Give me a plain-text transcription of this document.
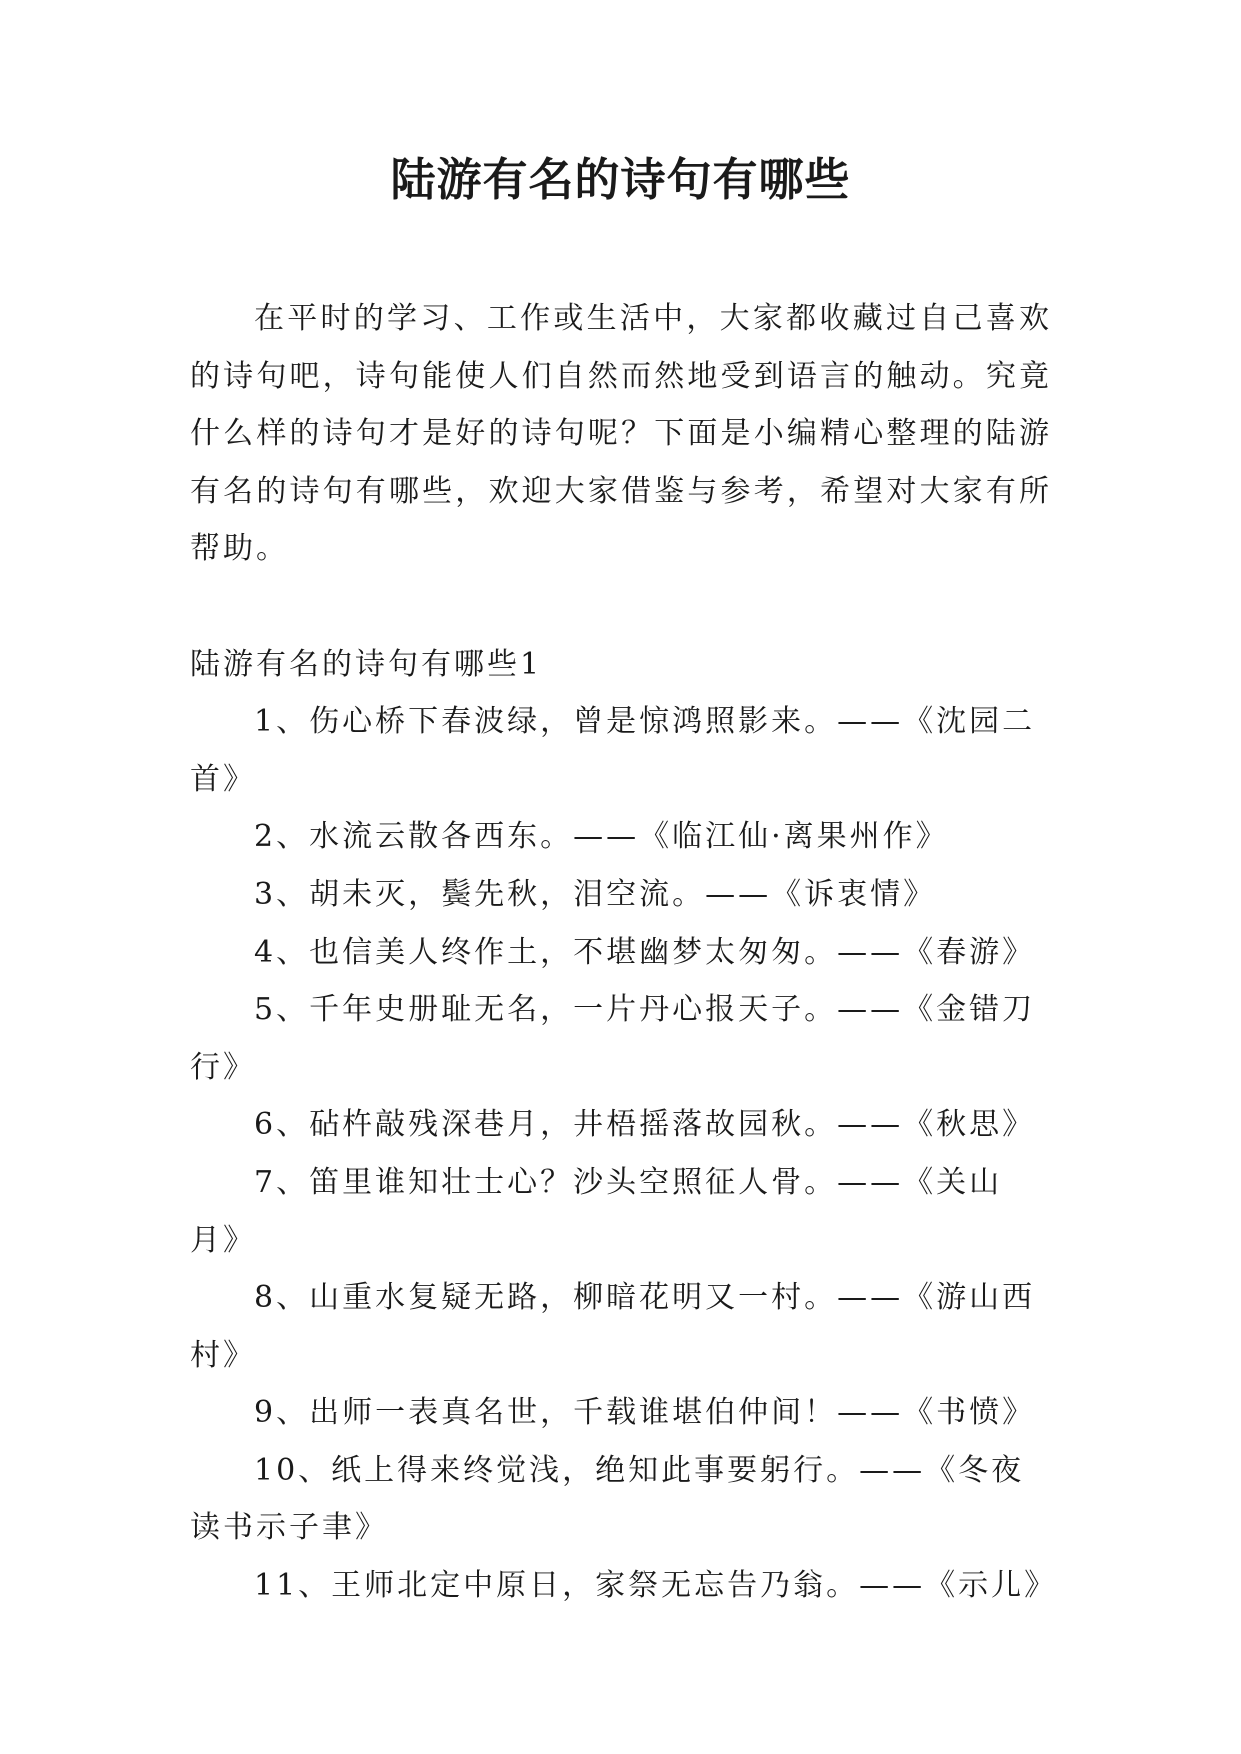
陆游有名的诗句有哪些

在平时的学习、工作或生活中，大家都收藏过自己喜欢的诗句吧，诗句能使人们自然而然地受到语言的触动。究竟什么样的诗句才是好的诗句呢？下面是小编精心整理的陆游有名的诗句有哪些，欢迎大家借鉴与参考，希望对大家有所帮助。

陆游有名的诗句有哪些1

1、伤心桥下春波绿，曾是惊鸿照影来。——《沈园二首》
2、水流云散各西东。——《临江仙·离果州作》
3、胡未灭，鬓先秋，泪空流。——《诉衷情》
4、也信美人终作土，不堪幽梦太匆匆。——《春游》
5、千年史册耻无名，一片丹心报天子。——《金错刀行》
6、砧杵敲残深巷月，井梧摇落故园秋。——《秋思》
7、笛里谁知壮士心？沙头空照征人骨。——《关山月》
8、山重水复疑无路，柳暗花明又一村。——《游山西村》
9、出师一表真名世，千载谁堪伯仲间！——《书愤》
10、纸上得来终觉浅，绝知此事要躬行。——《冬夜读书示子聿》
11、王师北定中原日，家祭无忘告乃翁。——《示儿》
